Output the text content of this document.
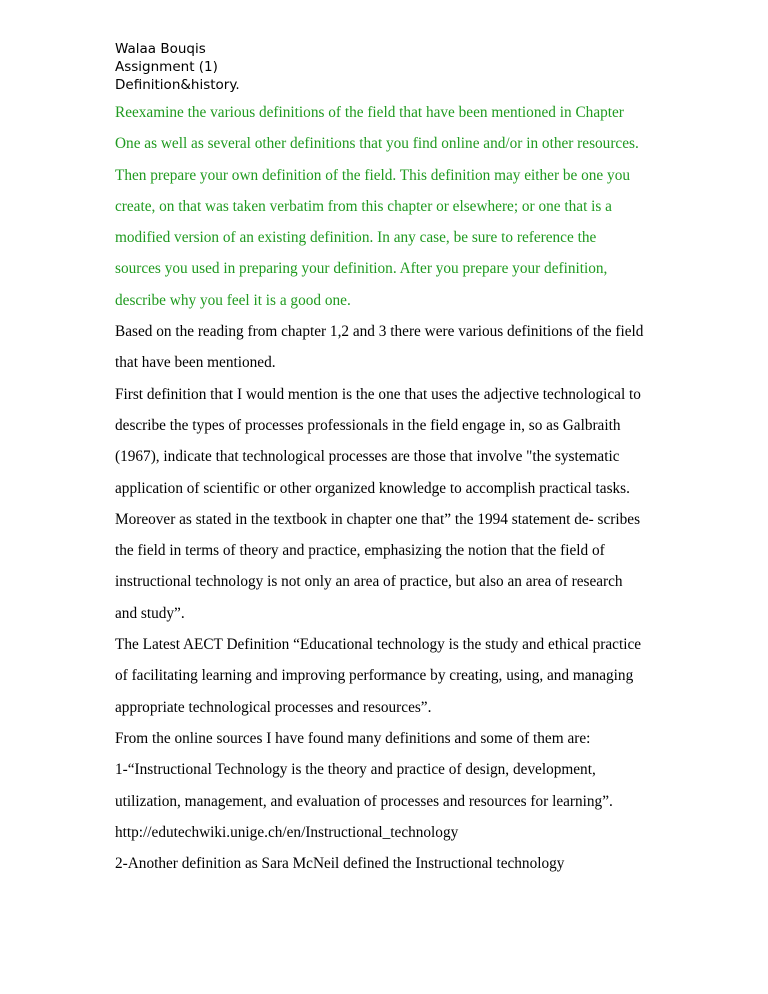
Walaa Bouqis
Assignment (1)
Definition&history.
Reexamine the various definitions of the field that have been mentioned in Chapter
One as well as several other definitions that you find online and/or in other resources.
Then prepare your own definition of the field. This definition may either be one you
create, on that was taken verbatim from this chapter or elsewhere; or one that is a
modified version of an existing definition. In any case, be sure to reference the
sources you used in preparing your definition. After you prepare your definition,
describe why you feel it is a good one.
Based on the reading from chapter 1,2 and 3 there were various definitions of the field
that have been mentioned.
First definition that I would mention is the one that uses the adjective technological to
describe the types of processes professionals in the field engage in, so as Galbraith
(1967), indicate that technological processes are those that involve "the systematic
application of scientific or other organized knowledge to accomplish practical tasks.
Moreover as stated in the textbook in chapter one that” the 1994 statement de- scribes
the field in terms of theory and practice, emphasizing the notion that the field of
instructional technology is not only an area of practice, but also an area of research
and study”.
The Latest AECT Definition “Educational technology is the study and ethical practice
of facilitating learning and improving performance by creating, using, and managing
appropriate technological processes and resources”.
From the online sources I have found many definitions and some of them are:
1-“Instructional Technology is the theory and practice of design, development,
utilization, management, and evaluation of processes and resources for learning”.
http://edutechwiki.unige.ch/en/Instructional_technology
2-Another definition as Sara McNeil defined the Instructional technology
